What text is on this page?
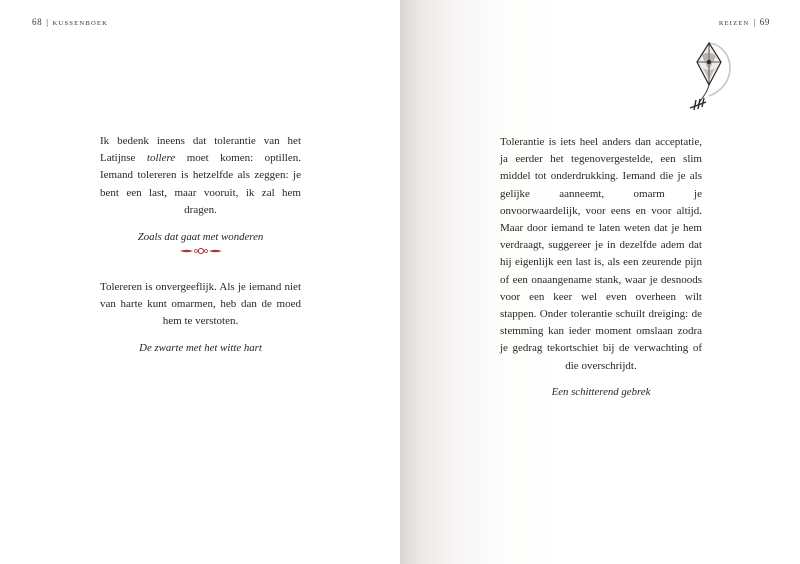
68 | KUSSENBOEK

Ik bedenk ineens dat tolerantie van het Latijnse tollere moet komen: optillen. Iemand tolereren is hetzelfde als zeggen: je bent een last, maar vooruit, ik zal hem dragen.

Zoals dat gaat met wonderen

Tolereren is onvergeeflijk. Als je iemand niet van harte kunt omarmen, heb dan de moed hem te verstoten.

De zwarte met het witte hart

REIZEN | 69

Tolerantie is iets heel anders dan acceptatie, ja eerder het tegenovergestelde, een slim middel tot onderdrukking. Iemand die je als gelijke aanneemt, omarm je onvoorwaardelijk, voor eens en voor altijd. Maar door iemand te laten weten dat je hem verdraagt, suggereer je in dezelfde adem dat hij eigenlijk een last is, als een zeurende pijn of een onaangename stank, waar je desnoods voor een keer wel even overheen wilt stappen. Onder tolerantie schuilt dreiging: de stemming kan ieder moment omslaan zodra je gedrag tekortschiet bij de verwachting of die overschrijdt.

Een schitterend gebrek
